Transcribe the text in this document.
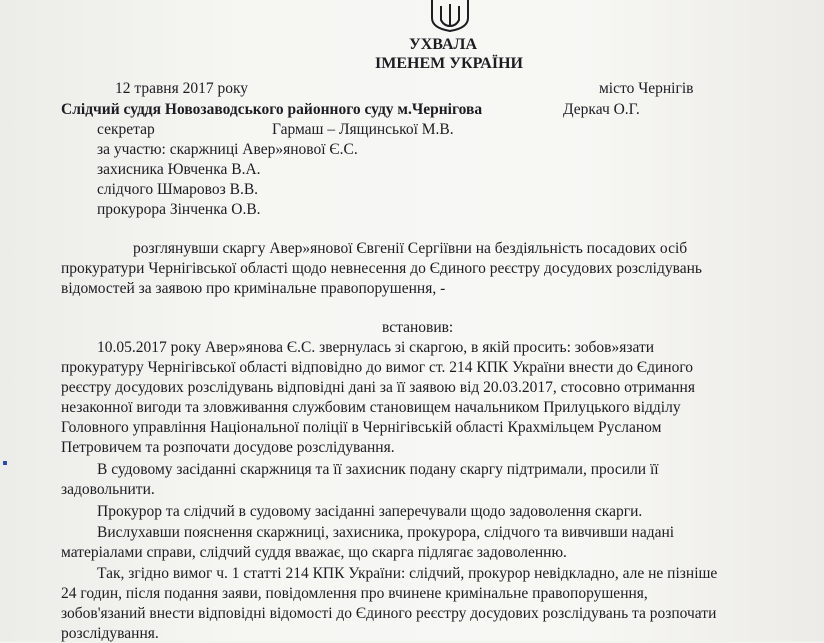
УХВАЛА
ІМЕНЕМ УКРАЇНИ
12 травня 2017 року	місто Чернігів
Слідчий суддя Новозаводського районного суду м.Чернігова	Деркач О.Г.
секретар	Гармаш – Лящинської М.В.
за участю: скаржниці Авер»янової Є.С.
захисника Ювченка В.А.
слідчого Шмаровоз В.В.
прокурора Зінченка О.В.
розглянувши скаргу Авер»янової Євгенії Сергіївни на бездіяльність посадових осіб
прокуратури Чернігівської області щодо невнесення до Єдиного реєстру досудових розслідувань
відомостей за заявою про кримінальне правопорушення, -
встановив:
10.05.2017 року Авер»янова Є.С. звернулась зі скаргою, в якій просить: зобов»язати
прокуратуру Чернігівської області відповідно до вимог ст. 214 КПК України внести до Єдиного
реєстру досудових розслідувань відповідні дані за її заявою від 20.03.2017, стосовно отримання
незаконної вигоди та зловживання службовим становищем начальником Прилуцького відділу
Головного управління Національної поліції в Чернігівській області Крахмільцем Русланом
Петровичем та розпочати досудове розслідування.
В судовому засіданні скаржниця та її захисник подану скаргу підтримали, просили її
задовольнити.
Прокурор та слідчий в судовому засіданні заперечували щодо задоволення скарги.
Вислухавши пояснення скаржниці, захисника, прокурора, слідчого та вивчивши надані
матеріалами справи, слідчий суддя вважає, що скарга підлягає задоволенню.
Так, згідно вимог ч. 1 статті 214 КПК України: слідчий, прокурор невідкладно, але не пізніше
24 годин, після подання заяви, повідомлення про вчинене кримінальне правопорушення,
зобов'язаний внести відповідні відомості до Єдиного реєстру досудових розслідувань та розпочати
розслідування.
